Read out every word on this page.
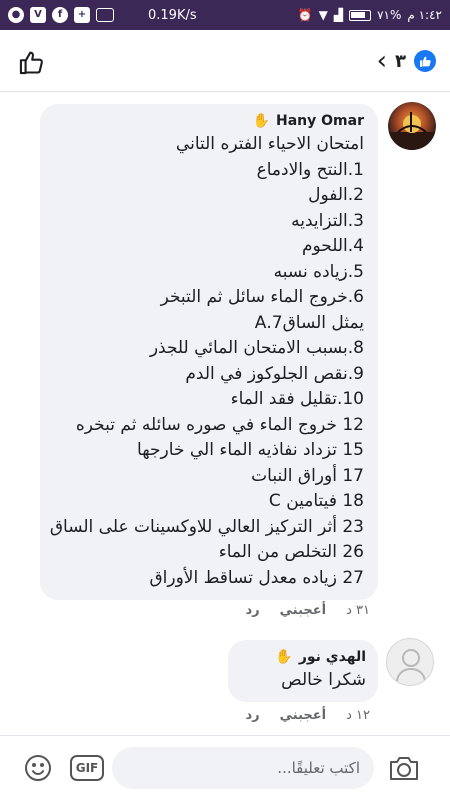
●	V	f	+	0.19K/s	⏰ ▼ ▟	٧١% ١:٤٢ م
‹ ٣
Hany Omar
✋
امتحان الاحياء الفتره التاني
1.النتح والادماع
2.الفول
3.التزايديه
4.اللحوم
5.زياده نسبه
6.خروج الماء سائل ثم التبخر
يمثل الساق7.A
8.بسبب الامتحان المائي للجذر
9.نقص الجلوكوز في الدم
10.تقليل فقد الماء
12 خروج الماء في صوره سائله ثم تبخره
15 تزداد نفاذيه الماء الي خارجها
17 أوراق النبات
18 فيتامين C
23 أثر التركيز العالي للاوكسينات على الساق
26 التخلص من الماء
27 زياده معدل تساقط الأوراق
٣١ د
أعجبني
رد
الهدي نور
✋
شكرا خالص
١٢ د
أعجبني
رد
GIF
اكتب تعليقًا...
